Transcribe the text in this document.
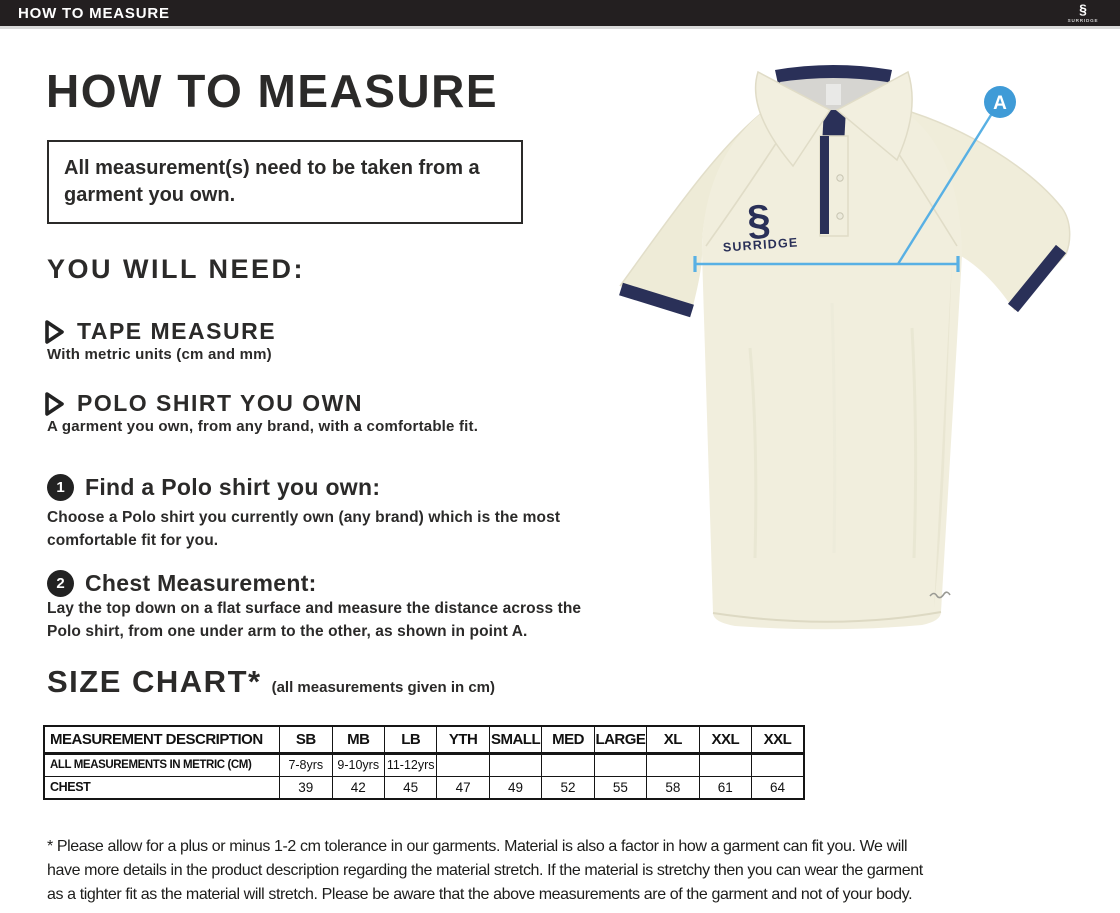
HOW TO MEASURE	§
SURRIDGE
HOW TO MEASURE
All measurement(s) need to be taken from a garment you own.
YOU WILL NEED:
TAPE MEASURE
With metric units (cm and mm)
POLO SHIRT YOU OWN
A garment you own, from any brand, with a comfortable fit.
1 Find a Polo shirt you own:
Choose a Polo shirt you currently own (any brand) which is the most comfortable fit for you.
2 Chest Measurement:
Lay the top down on a flat surface and measure the distance across the Polo shirt, from one under arm to the other, as shown in point A.
SIZE CHART* (all measurements given in cm)
MEASUREMENT DESCRIPTION	SB	MB	LB	YTH	SMALL	MED	LARGE	XL	XXL	XXL
ALL MEASUREMENTS IN METRIC (CM)	7-8yrs	9-10yrs	11-12yrs							
CHEST	39	42	45	47	49	52	55	58	61	64

* Please allow for a plus or minus 1-2 cm tolerance in our garments. Material is also a factor in how a garment can fit you. We will have more details in the product description regarding the material stretch. If the material is stretchy then you can wear the garment as a tighter fit as the material will stretch. Please be aware that the above measurements are of the garment and not of your body.

§
SURRIDGE
A
